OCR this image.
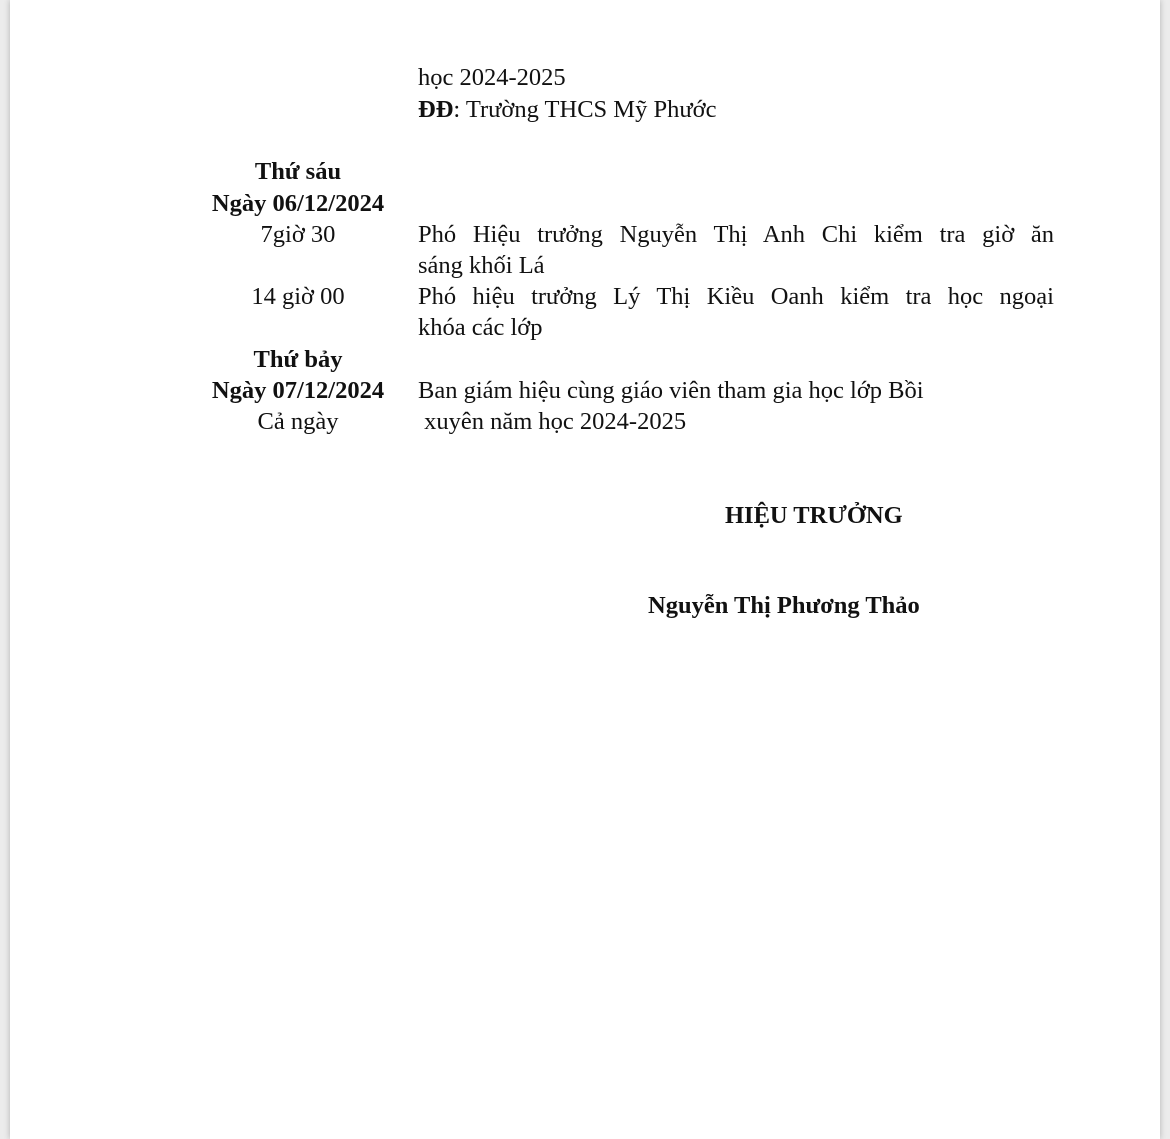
học 2024-2025
ĐĐ: Trường THCS Mỹ Phước
Thứ sáu
Ngày 06/12/2024
7giờ 30	Phó Hiệu trưởng Nguyễn Thị Anh Chi kiểm tra giờ ăn
sáng khối Lá
14 giờ 00	Phó hiệu trưởng Lý Thị Kiều Oanh kiểm tra học ngoại
khóa các lớp
Thứ bảy
Ngày 07/12/2024	Ban giám hiệu cùng giáo viên tham gia học lớp Bồi
Cả ngày	xuyên năm học 2024-2025
HIỆU TRƯỞNG
Nguyễn Thị Phương Thảo
